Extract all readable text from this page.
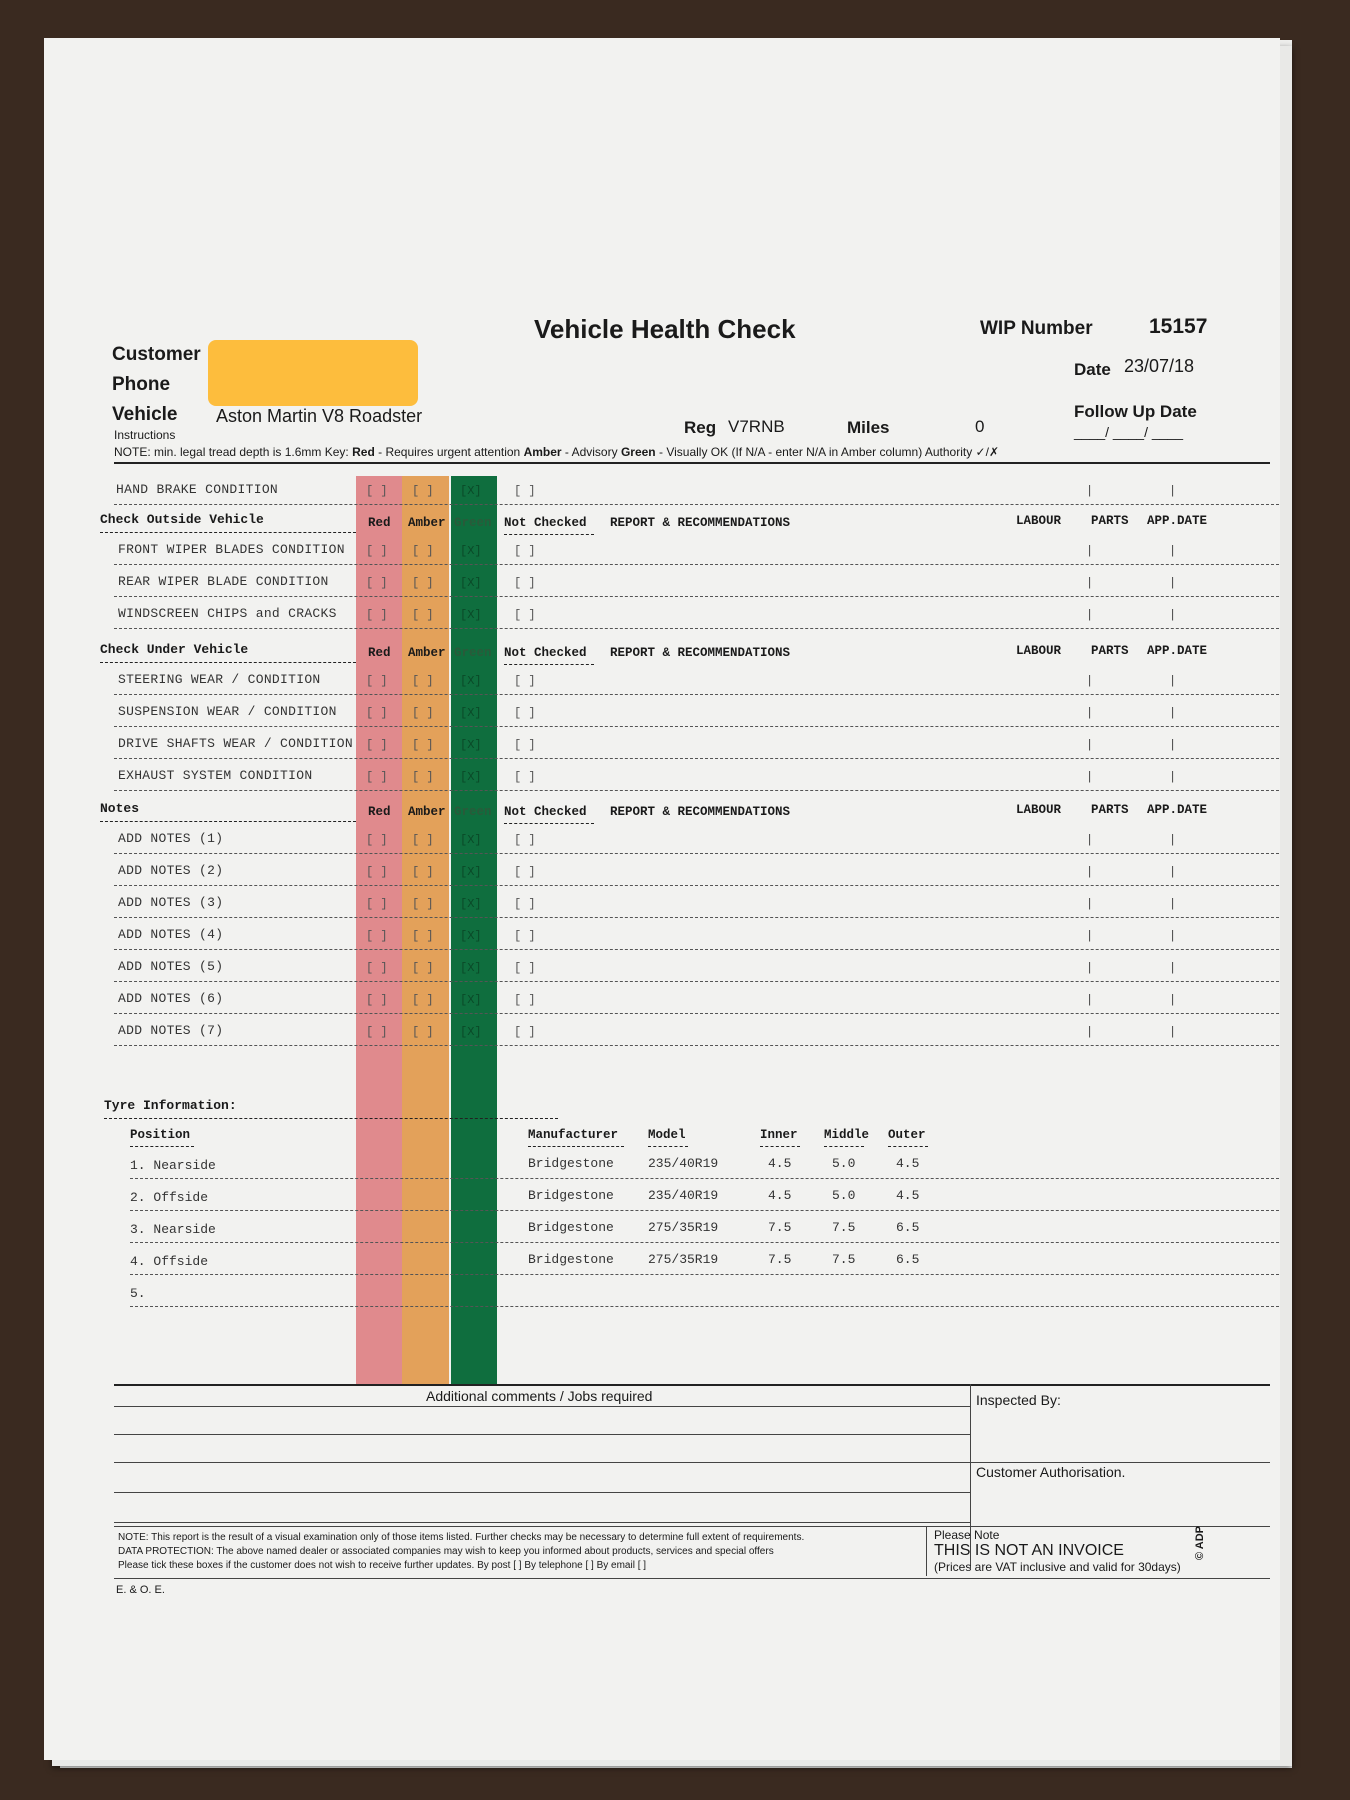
Vehicle Health Check	WIP Number	15157
Date 23/07/18
Follow Up Date
____/ ____/ ____
Customer
Phone
Vehicle Aston Martin V8 Roadster
Instructions	Reg V7RNB	Miles	0
NOTE: min. legal tread depth is 1.6mm Key: Red - Requires urgent attention Amber - Advisory Green - Visually OK (If N/A - enter N/A in Amber column) Authority ✓/✗
HAND BRAKE CONDITION	[ ] [ ] [X]	[ ]	|	|
Check Outside Vehicle	Red Amber Green Not Checked REPORT & RECOMMENDATIONS	LABOUR PARTS APP.DATE
FRONT WIPER BLADES CONDITION [ ] [ ] [X]	[ ]	|	|
REAR WIPER BLADE CONDITION	[ ] [ ] [X]	[ ]	|	|
WINDSCREEN CHIPS and CRACKS [ ] [ ] [X]	[ ]	|	|
Check Under Vehicle	Red Amber Green Not Checked REPORT & RECOMMENDATIONS	LABOUR PARTS APP.DATE
STEERING WEAR / CONDITION	[ ] [ ] [X]	[ ]	|	|
SUSPENSION WEAR / CONDITION [ ] [ ] [X]	[ ]	|	|
DRIVE SHAFTS WEAR / CONDITION [ ] [ ] [X]	[ ]	|	|
EXHAUST SYSTEM CONDITION	[ ] [ ] [X]	[ ]	|	|
Notes	Red Amber Green Not Checked REPORT & RECOMMENDATIONS	LABOUR PARTS APP.DATE
ADD NOTES (1)	[ ] [ ] [X]	[ ]	|	|
ADD NOTES (2)	[ ] [ ] [X]	[ ]	|	|
ADD NOTES (3)	[ ] [ ] [X]	[ ]	|	|
ADD NOTES (4)	[ ] [ ] [X]	[ ]	|	|
ADD NOTES (5)	[ ] [ ] [X]	[ ]	|	|
ADD NOTES (6)	[ ] [ ] [X]	[ ]	|	|
ADD NOTES (7)	[ ] [ ] [X]	[ ]	|	|
Tyre Information:
Position	Manufacturer Model	Inner Middle Outer
1. Nearside	Bridgestone	235/40R19	4.5	5.0	4.5
2. Offside	Bridgestone	235/40R19	4.5	5.0	4.5
3. Nearside	Bridgestone	275/35R19	7.5	7.5	6.5
4. Offside	Bridgestone	275/35R19	7.5	7.5	6.5
5.
Additional comments / Jobs required	Inspected By:
Customer Authorisation.
NOTE: This report is the result of a visual examination only of those items listed. Further checks may be necessary to determine full extent of requirements.
DATA PROTECTION: The above named dealer or associated companies may wish to keep you informed about products, services and special offers
Please tick these boxes if the customer does not wish to receive further updates. By post [ ] By telephone [ ] By email [ ]
Please Note
THIS IS NOT AN INVOICE
(Prices are VAT inclusive and valid for 30days)
© ADP
E. & O. E.
